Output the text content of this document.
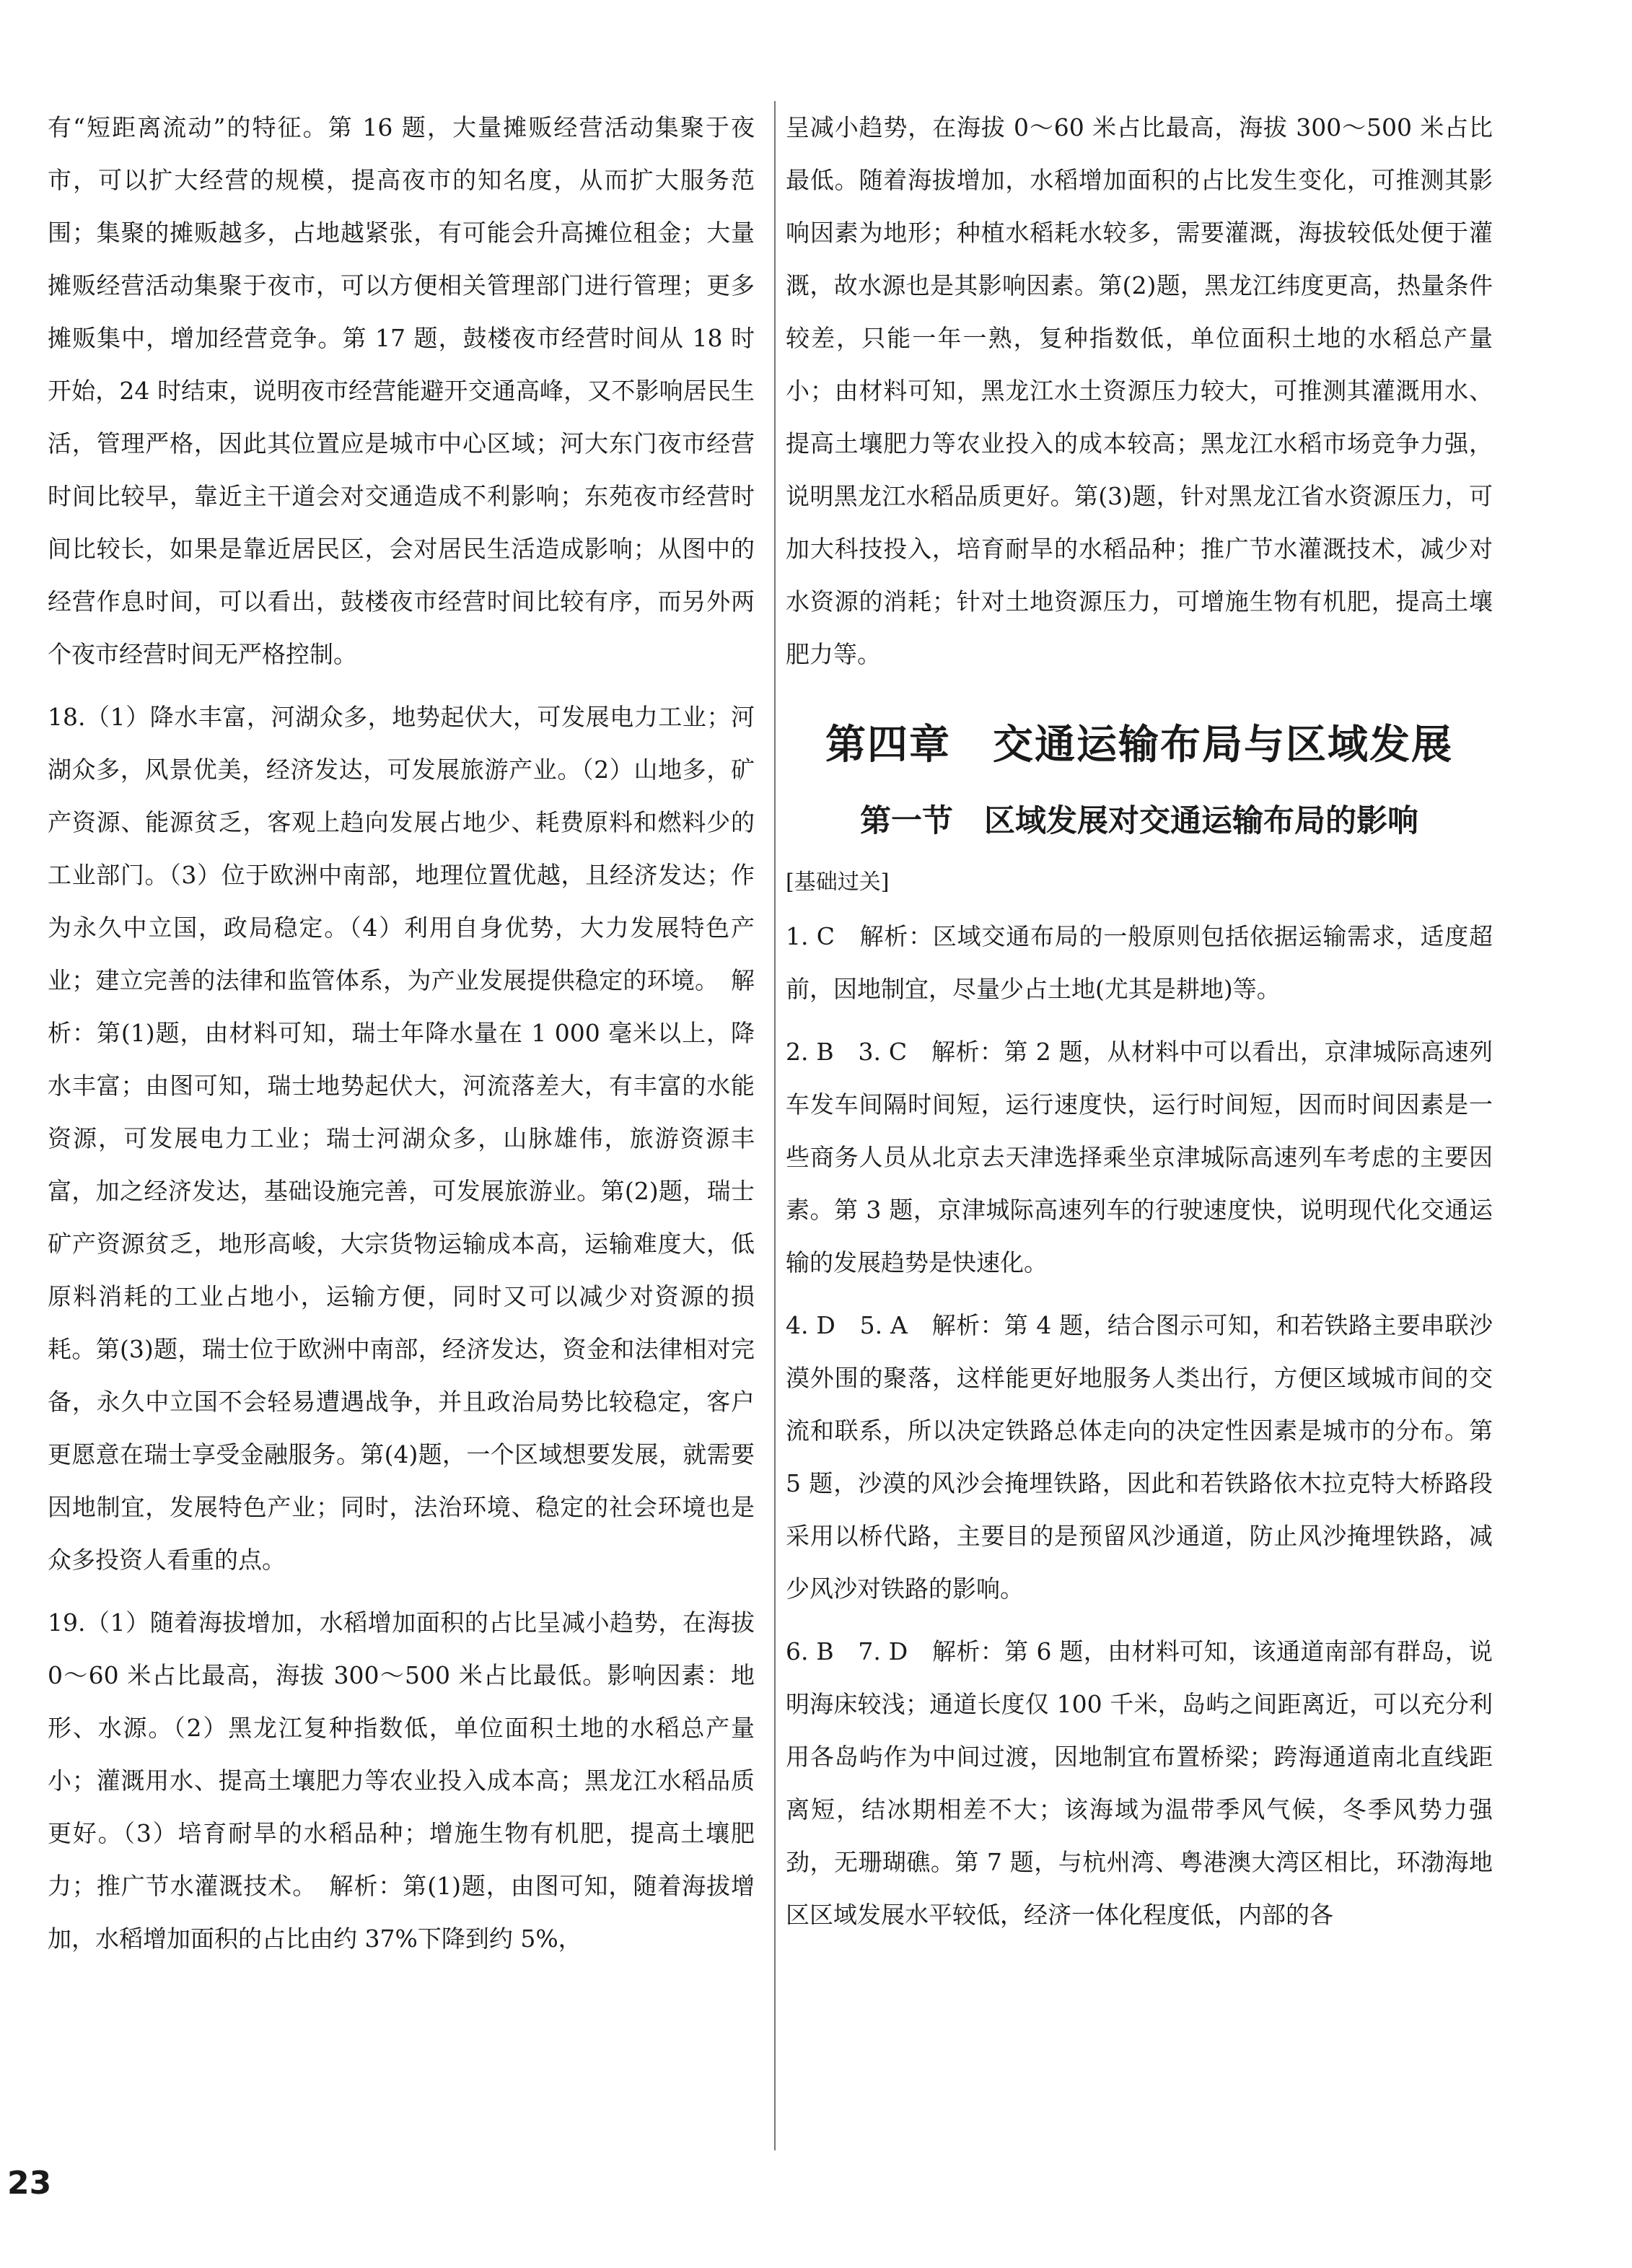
有“短距离流动”的特征。第 16 题，大量摊贩经营活动集聚于夜市，可以扩大经营的规模，提高夜市的知名度，从而扩大服务范围；集聚的摊贩越多，占地越紧张，有可能会升高摊位租金；大量摊贩经营活动集聚于夜市，可以方便相关管理部门进行管理；更多摊贩集中，增加经营竞争。第 17 题，鼓楼夜市经营时间从 18 时开始，24 时结束，说明夜市经营能避开交通高峰，又不影响居民生活，管理严格，因此其位置应是城市中心区域；河大东门夜市经营时间比较早，靠近主干道会对交通造成不利影响；东苑夜市经营时间比较长，如果是靠近居民区，会对居民生活造成影响；从图中的经营作息时间，可以看出，鼓楼夜市经营时间比较有序，而另外两个夜市经营时间无严格控制。

18.（1）降水丰富，河湖众多，地势起伏大，可发展电力工业；河湖众多，风景优美，经济发达，可发展旅游产业。（2）山地多，矿产资源、能源贫乏，客观上趋向发展占地少、耗费原料和燃料少的工业部门。（3）位于欧洲中南部，地理位置优越，且经济发达；作为永久中立国，政局稳定。（4）利用自身优势，大力发展特色产业；建立完善的法律和监管体系，为产业发展提供稳定的环境。　解析：第(1)题，由材料可知，瑞士年降水量在 1 000 毫米以上，降水丰富；由图可知，瑞士地势起伏大，河流落差大，有丰富的水能资源，可发展电力工业；瑞士河湖众多，山脉雄伟，旅游资源丰富，加之经济发达，基础设施完善，可发展旅游业。第(2)题，瑞士矿产资源贫乏，地形高峻，大宗货物运输成本高，运输难度大，低原料消耗的工业占地小，运输方便，同时又可以减少对资源的损耗。第(3)题，瑞士位于欧洲中南部，经济发达，资金和法律相对完备，永久中立国不会轻易遭遇战争，并且政治局势比较稳定，客户更愿意在瑞士享受金融服务。第(4)题，一个区域想要发展，就需要因地制宜，发展特色产业；同时，法治环境、稳定的社会环境也是众多投资人看重的点。

19.（1）随着海拔增加，水稻增加面积的占比呈减小趋势，在海拔 0～60 米占比最高，海拔 300～500 米占比最低。影响因素：地形、水源。（2）黑龙江复种指数低，单位面积土地的水稻总产量小；灌溉用水、提高土壤肥力等农业投入成本高；黑龙江水稻品质更好。（3）培育耐旱的水稻品种；增施生物有机肥，提高土壤肥力；推广节水灌溉技术。　解析：第(1)题，由图可知，随着海拔增加，水稻增加面积的占比由约 37%下降到约 5%，

呈减小趋势，在海拔 0～60 米占比最高，海拔 300～500 米占比最低。随着海拔增加，水稻增加面积的占比发生变化，可推测其影响因素为地形；种植水稻耗水较多，需要灌溉，海拔较低处便于灌溉，故水源也是其影响因素。第(2)题，黑龙江纬度更高，热量条件较差，只能一年一熟，复种指数低，单位面积土地的水稻总产量小；由材料可知，黑龙江水土资源压力较大，可推测其灌溉用水、提高土壤肥力等农业投入的成本较高；黑龙江水稻市场竞争力强，说明黑龙江水稻品质更好。第(3)题，针对黑龙江省水资源压力，可加大科技投入，培育耐旱的水稻品种；推广节水灌溉技术，减少对水资源的消耗；针对土地资源压力，可增施生物有机肥，提高土壤肥力等。

第四章　交通运输布局与区域发展
第一节　区域发展对交通运输布局的影响
[基础过关]

1. C　解析：区域交通布局的一般原则包括依据运输需求，适度超前，因地制宜，尽量少占土地(尤其是耕地)等。

2. B　3. C　解析：第 2 题，从材料中可以看出，京津城际高速列车发车间隔时间短，运行速度快，运行时间短，因而时间因素是一些商务人员从北京去天津选择乘坐京津城际高速列车考虑的主要因素。第 3 题，京津城际高速列车的行驶速度快，说明现代化交通运输的发展趋势是快速化。

4. D　5. A　解析：第 4 题，结合图示可知，和若铁路主要串联沙漠外围的聚落，这样能更好地服务人类出行，方便区域城市间的交流和联系，所以决定铁路总体走向的决定性因素是城市的分布。第 5 题，沙漠的风沙会掩埋铁路，因此和若铁路依木拉克特大桥路段采用以桥代路，主要目的是预留风沙通道，防止风沙掩埋铁路，减少风沙对铁路的影响。

6. B　7. D　解析：第 6 题，由材料可知，该通道南部有群岛，说明海床较浅；通道长度仅 100 千米，岛屿之间距离近，可以充分利用各岛屿作为中间过渡，因地制宜布置桥梁；跨海通道南北直线距离短，结冰期相差不大；该海域为温带季风气候，冬季风势力强劲，无珊瑚礁。第 7 题，与杭州湾、粤港澳大湾区相比，环渤海地区区域发展水平较低，经济一体化程度低，内部的各

23
